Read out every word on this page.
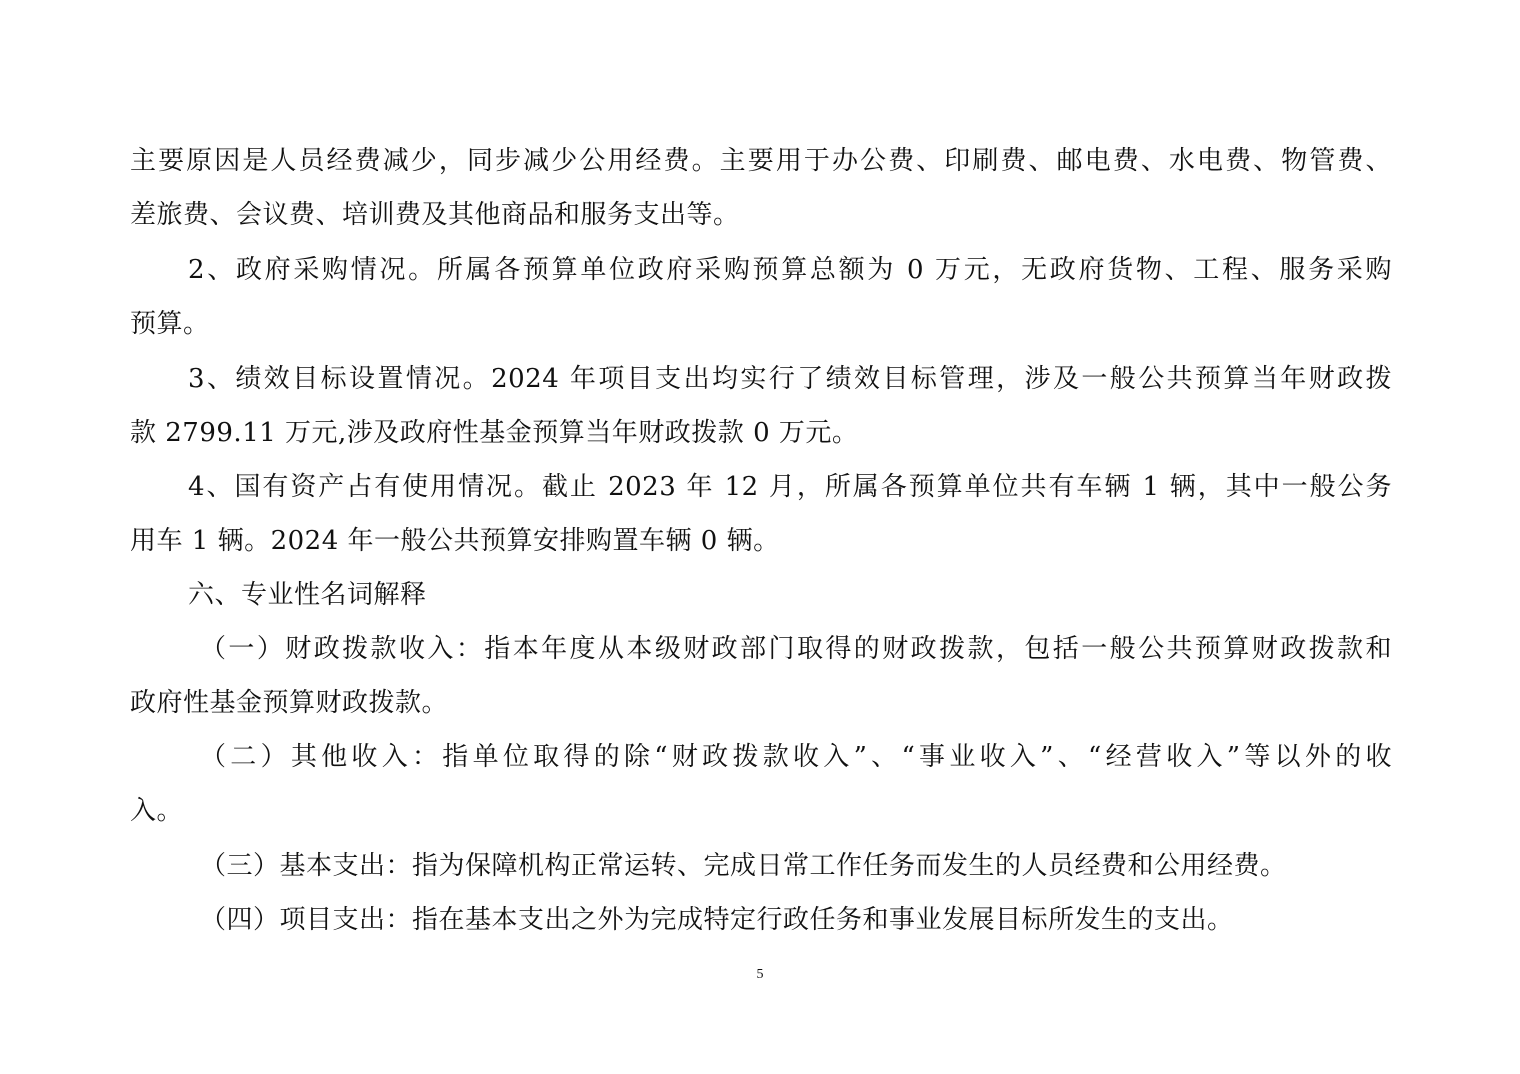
主要原因是人员经费减少，同步减少公用经费。主要用于办公费、印刷费、邮电费、水电费、物管费、
差旅费、会议费、培训费及其他商品和服务支出等。
2、政府采购情况。所属各预算单位政府采购预算总额为 0 万元，无政府货物、工程、服务采购
预算。
3、绩效目标设置情况。2024 年项目支出均实行了绩效目标管理，涉及一般公共预算当年财政拨
款 2799.11 万元,涉及政府性基金预算当年财政拨款 0 万元。
4、国有资产占有使用情况。截止 2023 年 12 月，所属各预算单位共有车辆 1 辆，其中一般公务
用车 1 辆。2024 年一般公共预算安排购置车辆 0 辆。
六、专业性名词解释
（一）财政拨款收入：指本年度从本级财政部门取得的财政拨款，包括一般公共预算财政拨款和
政府性基金预算财政拨款。
（二）其他收入：指单位取得的除“财政拨款收入”、“事业收入”、“经营收入”等以外的收
入。
（三）基本支出：指为保障机构正常运转、完成日常工作任务而发生的人员经费和公用经费。
（四）项目支出：指在基本支出之外为完成特定行政任务和事业发展目标所发生的支出。
5
